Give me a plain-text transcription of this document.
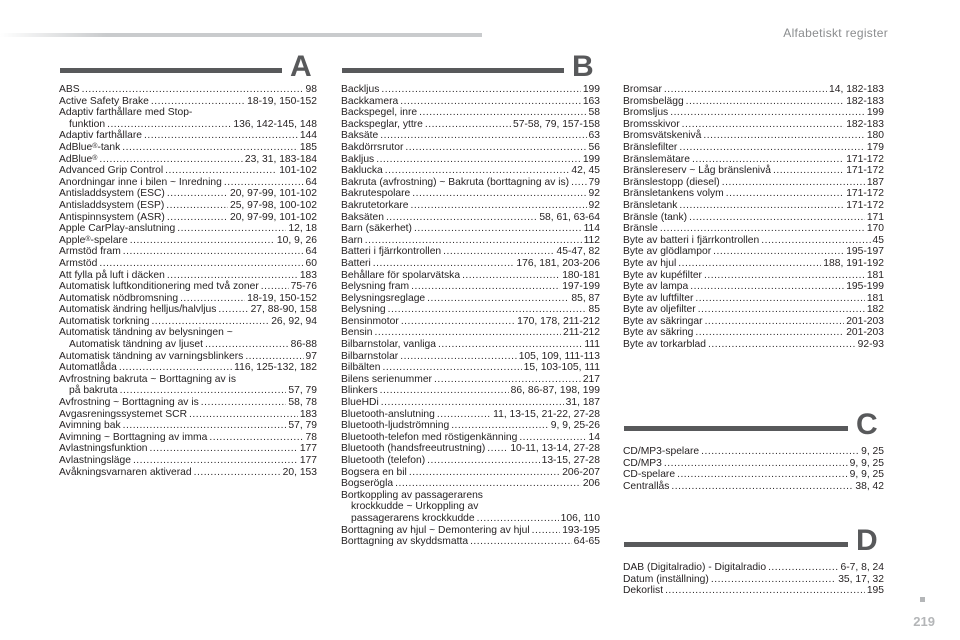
Alfabetiskt register
A
ABS .....	98
Active Safety Brake .....	18-19, 150-152
Adaptiv farthållare med Stop-
funktion .....	136, 142-145, 148
Adaptiv farthållare .....	144
AdBlue®-tank .....	185
AdBlue® .....	23, 31, 183-184
Advanced Grip Control .....	101-102
Anordningar inne i bilen ~ Inredning .....	64
Antisladdsystem (ESC) .....	20, 97-99, 101-102
Antisladdsystem (ESP) .....	25, 97-98, 100-102
Antispinnsystem (ASR) .....	20, 97-99, 101-102
Apple CarPlay-anslutning .....	12, 18
Apple®-spelare .....	10, 9, 26
Armstöd fram .....	64
Armstöd .....	60
Att fylla på luft i däcken .....	183
Automatisk luftkonditionering med två zoner .....	75-76
Automatisk nödbromsning .....	18-19, 150-152
Automatisk ändring helljus/halvljus .....	27, 88-90, 158
Automatisk torkning .....	26, 92, 94
Automatisk tändning av belysningen ~
Automatisk tändning av ljuset .....	86-88
Automatisk tändning av varningsblinkers .....	97
Automatlåda .....	116, 125-132, 182
Avfrostning bakruta ~ Borttagning av is
på bakruta .....	57, 79
Avfrostning ~ Borttagning av is .....	58, 78
Avgasreningssystemet SCR .....	183
Avimning bak .....	57, 79
Avimning ~ Borttagning av imma .....	78
Avlastningsfunktion .....	177
Avlastningsläge .....	177
Avåkningsvarnaren aktiverad .....	20, 153
B
Backljus .....	199
Backkamera .....	163
Backspegel, inre .....	58
Backspeglar, yttre .....	57-58, 79, 157-158
Baksäte .....	63
Bakdörrsrutor .....	56
Bakljus .....	199
Baklucka .....	42, 45
Bakruta (avfrostning) ~ Bakruta (borttagning av is) ..... 79
Bakrutespolare .....	92
Bakrutetorkare .....	92
Baksäten .....	58, 61, 63-64
Barn (säkerhet) .....	114
Barn .....	112
Batteri i fjärrkontrollen .....	45-47, 82
Batteri .....	176, 181, 203-206
Behållare för spolarvätska .....	180-181
Belysning fram .....	197-199
Belysningsreglage .....	85, 87
Belysning .....	85
Bensinmotor .....	170, 178, 211-212
Bensin .....	211-212
Bilbarnstolar, vanliga .....	111
Bilbarnstolar .....	105, 109, 111-113
Bilbälten .....	15, 103-105, 111
Bilens serienummer .....	217
Blinkers .....	86, 86-87, 198, 199
BlueHDi .....	31, 187
Bluetooth-anslutning .....	11, 13-15, 21-22, 27-28
Bluetooth-ljudströmning .....	9, 9, 25-26
Bluetooth-telefon med röstigenkänning .....	14
Bluetooth (handsfreeutrustning) ..... 10-11, 13-14, 27-28
Bluetooth (telefon) .....	13-15, 27-28
Bogsera en bil .....	206-207
Bogserögla .....	206
Bortkoppling av passagerarens
krockkudde ~ Urkoppling av
passagerarens krockkudde .....	106, 110
Borttagning av hjul ~ Demontering av hjul .....	193-195
Borttagning av skyddsmatta .....	64-65
Bromsar .....	14, 182-183
Bromsbelägg .....	182-183
Bromsljus .....	199
Bromsskivor .....	182-183
Bromsvätskenivå .....	180
Bränslefilter .....	179
Bränslemätare .....	171-172
Bränslereserv ~ Låg bränslenivå .....	171-172
Bränslestopp (diesel) .....	187
Bränsletankens volym .....	171-172
Bränsletank .....	171-172
Bränsle (tank) .....	171
Bränsle .....	170
Byte av batteri i fjärrkontrollen .....	45
Byte av glödlampor .....	195-197
Byte av hjul .....	188, 191-192
Byte av kupéfilter .....	181
Byte av lampa .....	195-199
Byte av luftfilter .....	181
Byte av oljefilter .....	182
Byte av säkringar .....	201-203
Byte av säkring .....	201-203
Byte av torkarblad .....	92-93
C
CD/MP3-spelare .....	9, 25
CD/MP3 .....	9, 9, 25
CD-spelare .....	9, 9, 25
Centrallås .....	38, 42
D
DAB (Digitalradio) - Digitalradio .....	6-7, 8, 24
Datum (inställning) .....	35, 17, 32
Dekorlist .....	195
219
